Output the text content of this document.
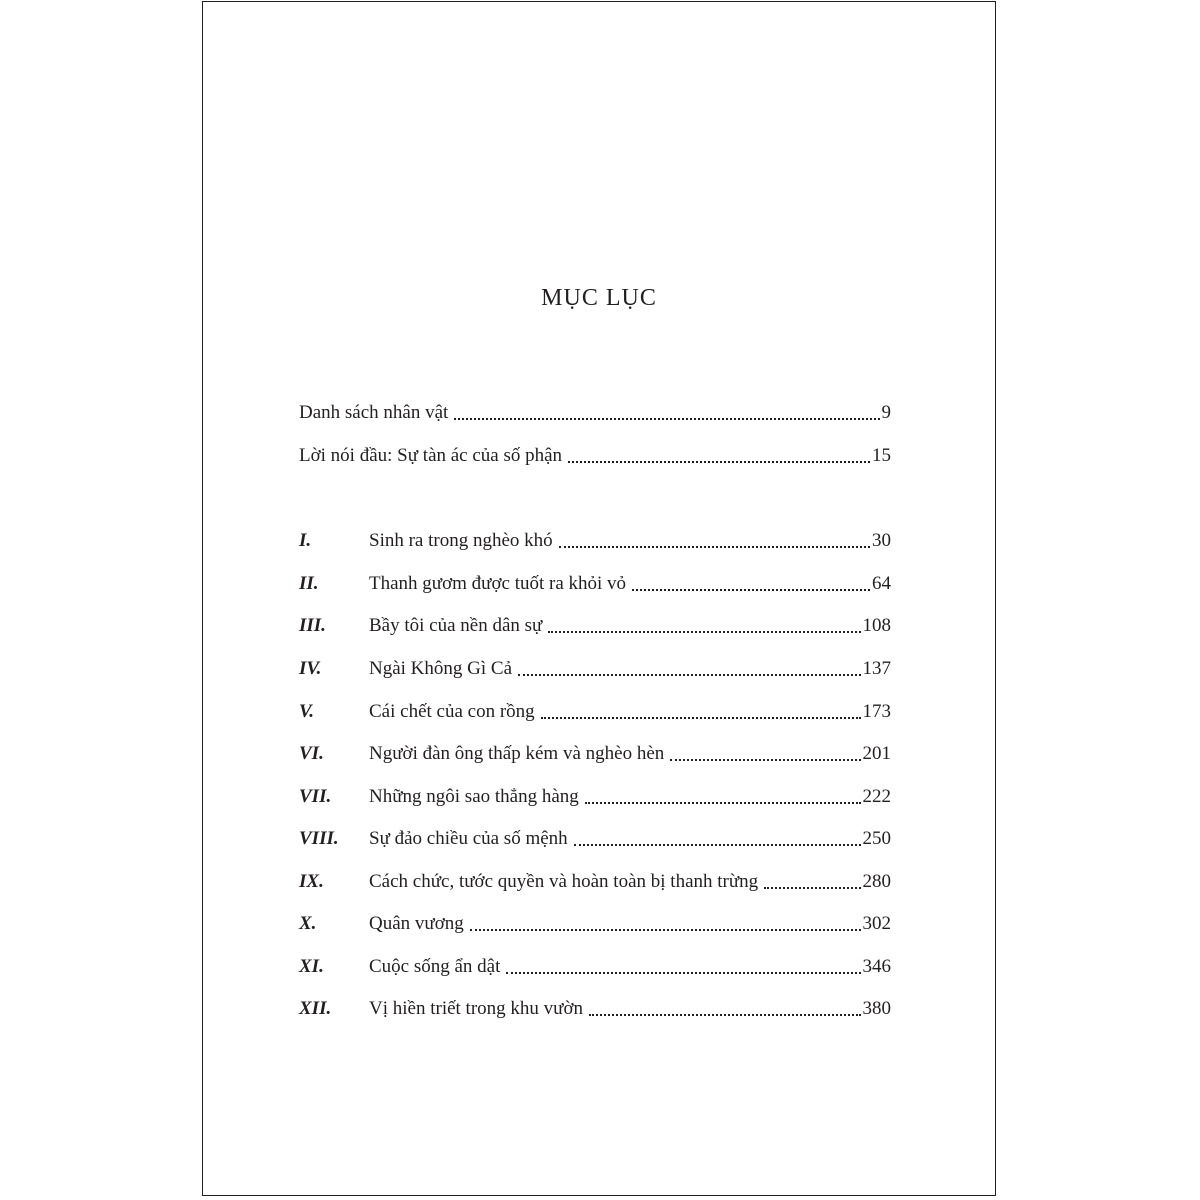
MỤC LỤC
Danh sách nhân vật	9
Lời nói đầu: Sự tàn ác của số phận	15
I.	Sinh ra trong nghèo khó	30
II.	Thanh gươm được tuốt ra khỏi vỏ	64
III.	Bầy tôi của nền dân sự	108
IV.	Ngài Không Gì Cả	137
V.	Cái chết của con rồng	173
VI.	Người đàn ông thấp kém và nghèo hèn	201
VII.	Những ngôi sao thẳng hàng	222
VIII.	Sự đảo chiều của số mệnh	250
IX.	Cách chức, tước quyền và hoàn toàn bị thanh trừng	280
X.	Quân vương	302
XI.	Cuộc sống ẩn dật	346
XII.	Vị hiền triết trong khu vườn	380
